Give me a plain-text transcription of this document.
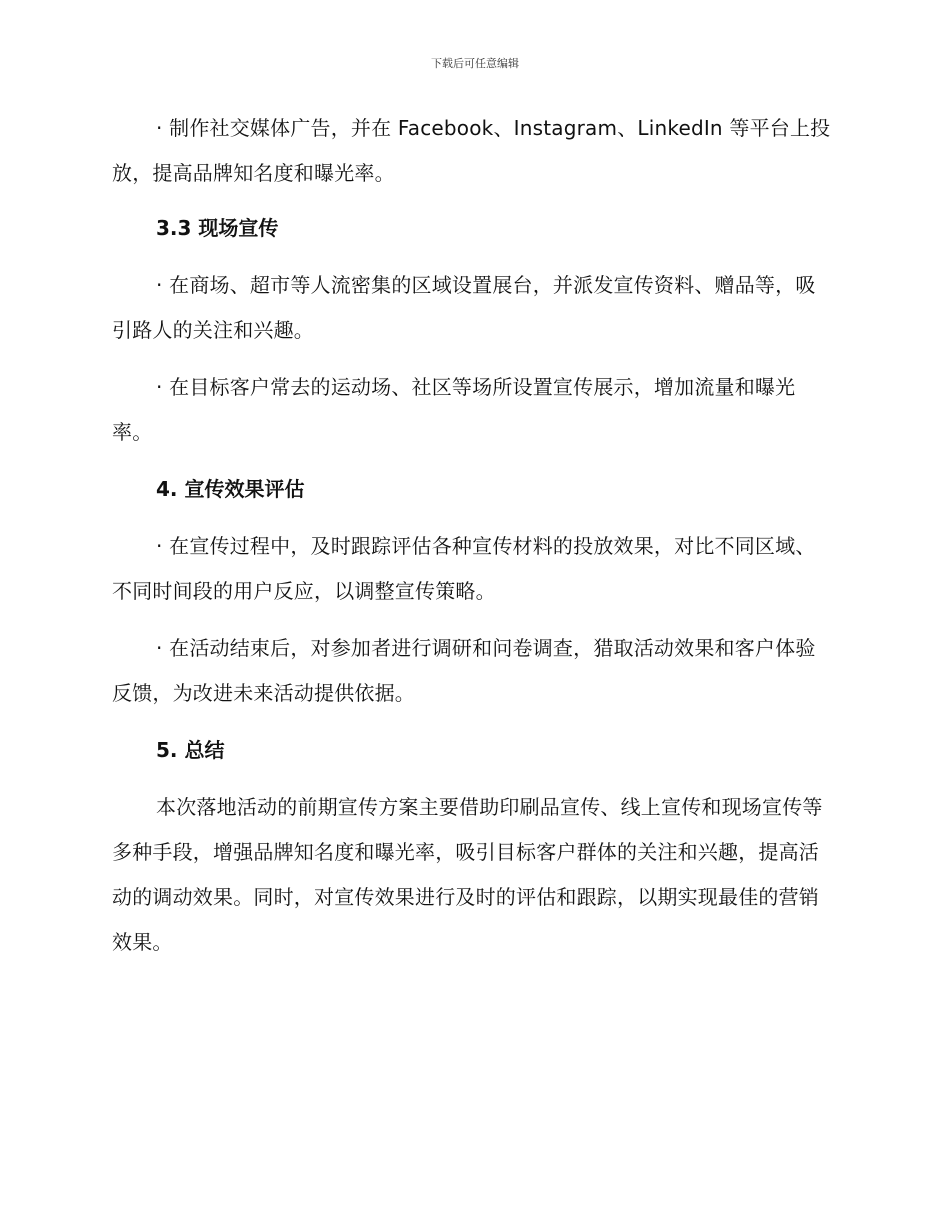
下载后可任意编辑

· 制作社交媒体广告，并在 Facebook、Instagram、LinkedIn 等平台上投放，提高品牌知名度和曝光率。

3.3 现场宣传

· 在商场、超市等人流密集的区域设置展台，并派发宣传资料、赠品等，吸引路人的关注和兴趣。

· 在目标客户常去的运动场、社区等场所设置宣传展示，增加流量和曝光率。

4. 宣传效果评估

· 在宣传过程中，及时跟踪评估各种宣传材料的投放效果，对比不同区域、不同时间段的用户反应，以调整宣传策略。

· 在活动结束后，对参加者进行调研和问卷调查，猎取活动效果和客户体验反馈，为改进未来活动提供依据。

5. 总结

本次落地活动的前期宣传方案主要借助印刷品宣传、线上宣传和现场宣传等多种手段，增强品牌知名度和曝光率，吸引目标客户群体的关注和兴趣，提高活动的调动效果。同时，对宣传效果进行及时的评估和跟踪，以期实现最佳的营销效果。
